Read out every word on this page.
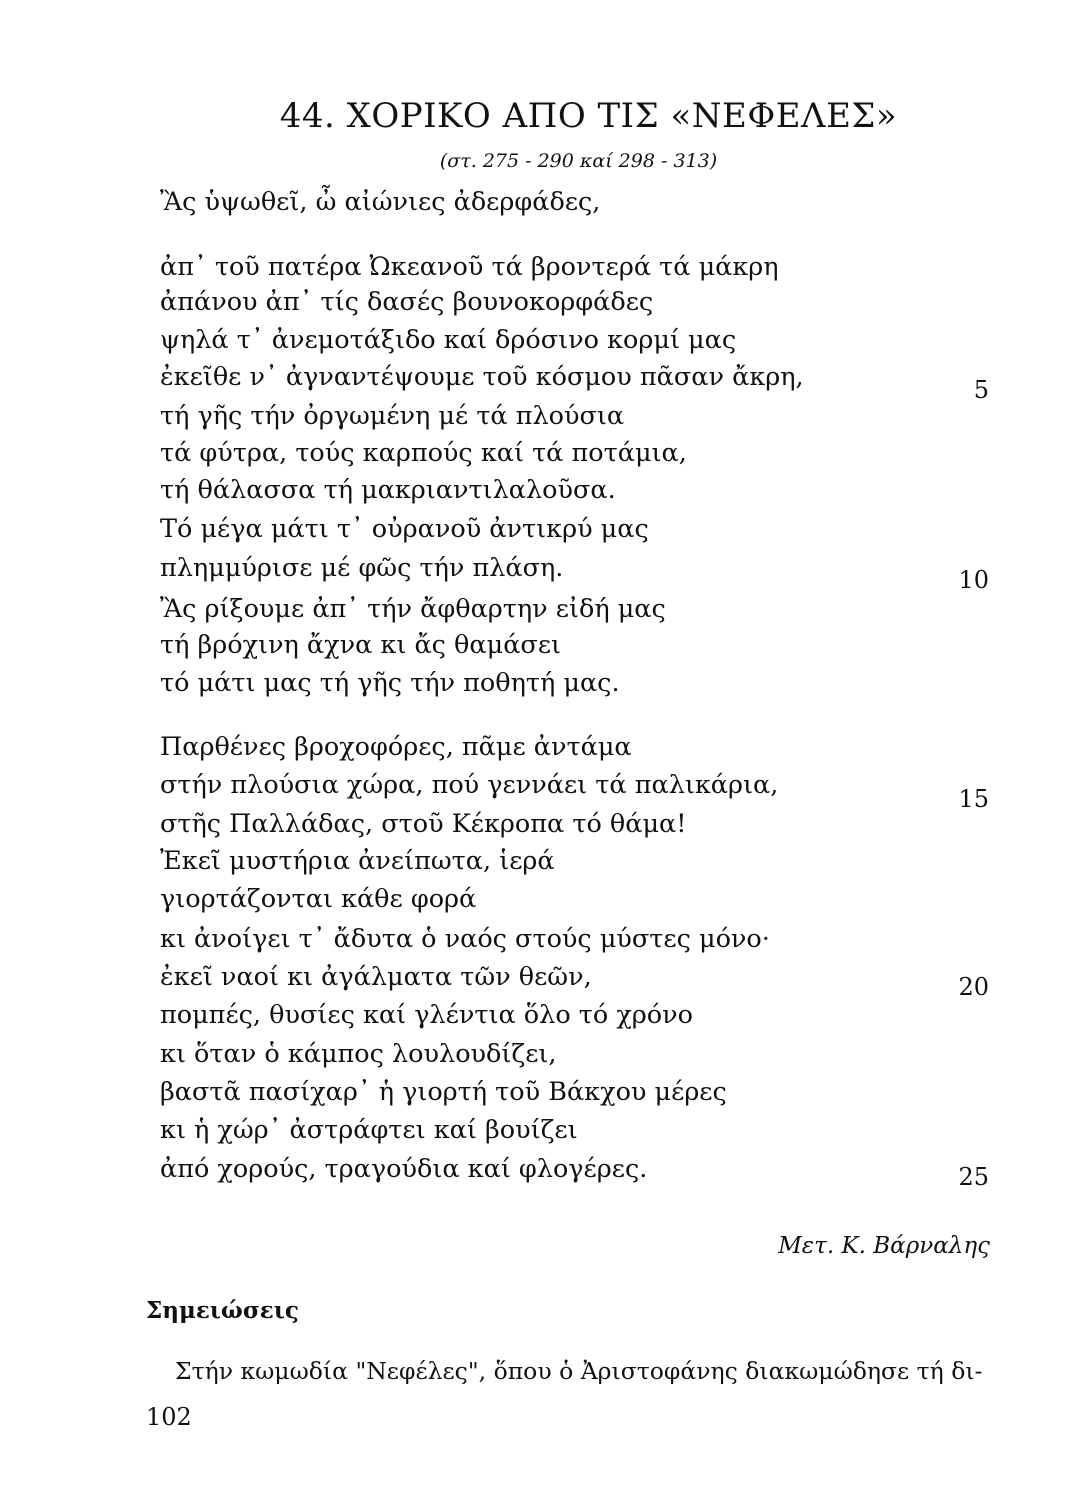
44. ΧΟΡΙΚΟ ΑΠΟ ΤΙΣ «ΝΕΦΕΛΕΣ»
(στ. 275 - 290 καί 298 - 313)
Ἂς ὑψωθεῖ, ὦ αἰώνιες ἀδερφάδες,
ἀπ᾿ τοῦ πατέρα Ὠκεανοῦ τά βροντερά τά μάκρη
ἀπάνου ἀπ᾿ τίς δασές βουνοκορφάδες
ψηλά τ᾿ ἀνεμοτάξιδο καί δρόσινο κορμί μας
ἐκεῖθε ν᾿ ἀγναντέψουμε τοῦ κόσμου πᾶσαν ἄκρη,
τή γῆς τήν ὀργωμένη μέ τά πλούσια
τά φύτρα, τούς καρπούς καί τά ποτάμια,
τή θάλασσα τή μακριαντιλαλοῦσα.
Τό μέγα μάτι τ᾿ οὐρανοῦ ἀντικρύ μας
πλημμύρισε μέ φῶς τήν πλάση.
Ἂς ρίξουμε ἀπ᾿ τήν ἄφθαρτην εἰδή μας
τή βρόχινη ἄχνα κι ἄς θαμάσει
τό μάτι μας τή γῆς τήν ποθητή μας.
Παρθένες βροχοφόρες, πᾶμε ἀντάμα
στήν πλούσια χώρα, πού γεννάει τά παλικάρια,
στῆς Παλλάδας, στοῦ Κέκροπα τό θάμα!
Ἐκεῖ μυστήρια ἀνείπωτα, ἱερά
γιορτάζονται κάθε φορά
κι ἀνοίγει τ᾿ ἄδυτα ὁ ναός στούς μύστες μόνο·
ἐκεῖ ναοί κι ἀγάλματα τῶν θεῶν,
πομπές, θυσίες καί γλέντια ὅλο τό χρόνο
κι ὅταν ὁ κάμπος λουλουδίζει,
βαστᾶ πασίχαρ᾿ ἡ γιορτή τοῦ Βάκχου μέρες
κι ἡ χώρ᾿ ἀστράφτει καί βουίζει
ἀπό χορούς, τραγούδια καί φλογέρες.
5
10
15
20
25
Μετ. Κ. Βάρναλης
Σημειώσεις
Στήν κωμωδία "Νεφέλες", ὅπου ὁ Ἀριστοφάνης διακωμώδησε τή δι-
102
